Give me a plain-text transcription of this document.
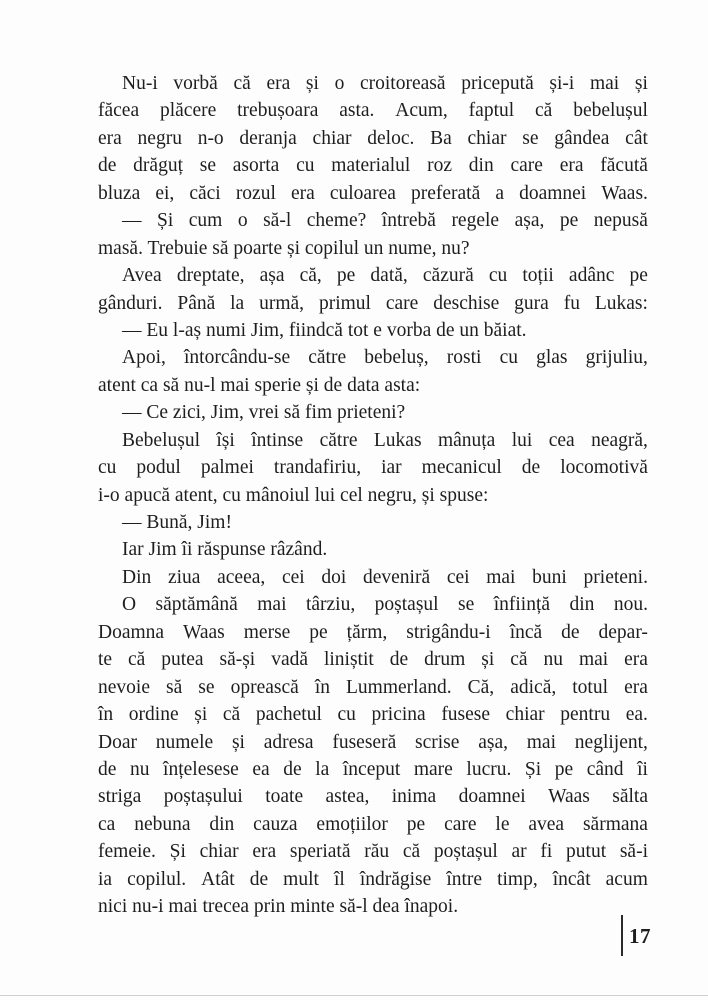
Nu-i vorbă că era și o croitoreasă pricepută și-i mai și
făcea plăcere trebușoara asta. Acum, faptul că bebelușul
era negru n-o deranja chiar deloc. Ba chiar se gândea cât
de drăguț se asorta cu materialul roz din care era făcută
bluza ei, căci rozul era culoarea preferată a doamnei Waas.
— Și cum o să-l cheme? întrebă regele așa, pe nepusă
masă. Trebuie să poarte și copilul un nume, nu?
Avea dreptate, așa că, pe dată, căzură cu toții adânc pe
gânduri. Până la urmă, primul care deschise gura fu Lukas:
— Eu l-aș numi Jim, fiindcă tot e vorba de un băiat.
Apoi, întorcându-se către bebeluș, rosti cu glas grijuliu,
atent ca să nu-l mai sperie și de data asta:
— Ce zici, Jim, vrei să fim prieteni?
Bebelușul își întinse către Lukas mânuța lui cea neagră,
cu podul palmei trandafiriu, iar mecanicul de locomotivă
i-o apucă atent, cu mânoiul lui cel negru, și spuse:
— Bună, Jim!
Iar Jim îi răspunse râzând.
Din ziua aceea, cei doi deveniră cei mai buni prieteni.
O săptămână mai târziu, poștașul se înființă din nou.
Doamna Waas merse pe țărm, strigându-i încă de depar-
te că putea să-și vadă liniștit de drum și că nu mai era
nevoie să se oprească în Lummerland. Că, adică, totul era
în ordine și că pachetul cu pricina fusese chiar pentru ea.
Doar numele și adresa fuseseră scrise așa, mai neglijent,
de nu înțelesese ea de la început mare lucru. Și pe când îi
striga poștașului toate astea, inima doamnei Waas sălta
ca nebuna din cauza emoțiilor pe care le avea sărmana
femeie. Și chiar era speriată rău că poștașul ar fi putut să-i
ia copilul. Atât de mult îl îndrăgise între timp, încât acum
nici nu-i mai trecea prin minte să-l dea înapoi.
17
